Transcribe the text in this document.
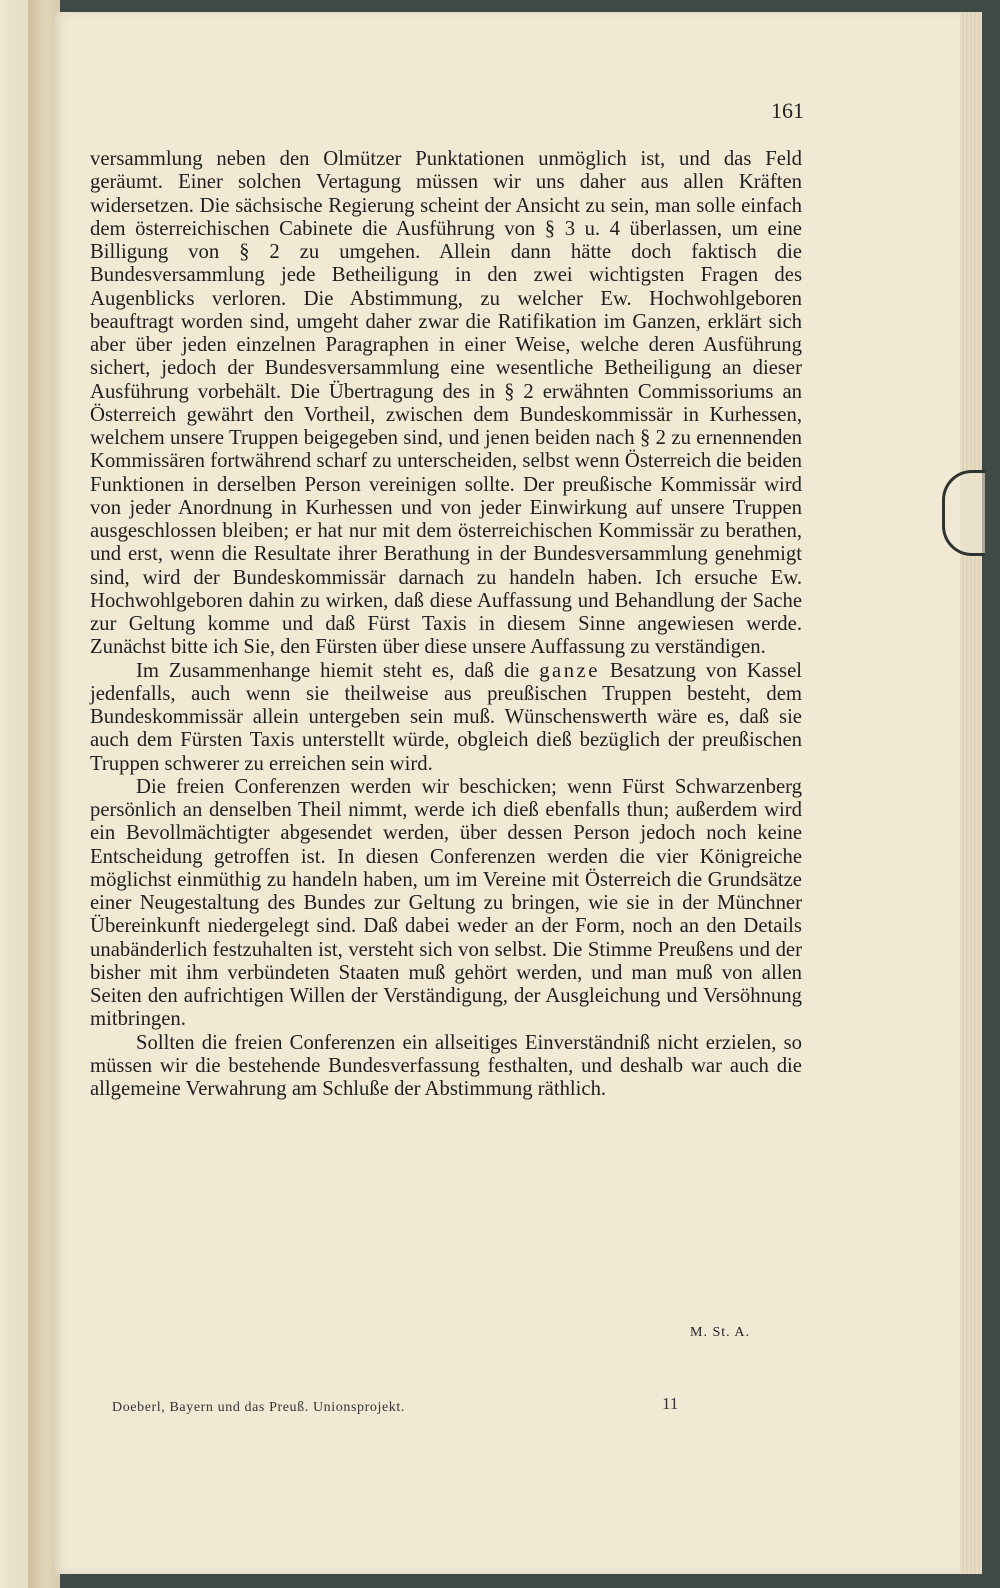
161

versammlung neben den Olmützer Punktationen unmöglich ist, und das Feld geräumt. Einer solchen Vertagung müssen wir uns daher aus allen Kräften widersetzen. Die sächsische Regierung scheint der Ansicht zu sein, man solle einfach dem österreichischen Cabinete die Ausführung von § 3 u. 4 überlassen, um eine Billigung von § 2 zu umgehen. Allein dann hätte doch faktisch die Bundesversammlung jede Betheiligung in den zwei wichtigsten Fragen des Augenblicks verloren. Die Abstimmung, zu welcher Ew. Hochwohlgeboren beauftragt worden sind, umgeht daher zwar die Ratifikation im Ganzen, erklärt sich aber über jeden einzelnen Paragraphen in einer Weise, welche deren Ausführung sichert, jedoch der Bundesversammlung eine wesentliche Betheiligung an dieser Ausführung vorbehält. Die Übertragung des in § 2 erwähnten Commissoriums an Österreich gewährt den Vortheil, zwischen dem Bundeskommissär in Kurhessen, welchem unsere Truppen beigegeben sind, und jenen beiden nach § 2 zu ernennenden Kommissären fortwährend scharf zu unterscheiden, selbst wenn Österreich die beiden Funktionen in derselben Person vereinigen sollte. Der preußische Kommissär wird von jeder Anordnung in Kurhessen und von jeder Einwirkung auf unsere Truppen ausgeschlossen bleiben; er hat nur mit dem österreichischen Kommissär zu berathen, und erst, wenn die Resultate ihrer Berathung in der Bundesversammlung genehmigt sind, wird der Bundeskommissär darnach zu handeln haben. Ich ersuche Ew. Hochwohlgeboren dahin zu wirken, daß diese Auffassung und Behandlung der Sache zur Geltung komme und daß Fürst Taxis in diesem Sinne angewiesen werde. Zunächst bitte ich Sie, den Fürsten über diese unsere Auffassung zu verständigen.

Im Zusammenhange hiemit steht es, daß die ganze Besatzung von Kassel jedenfalls, auch wenn sie theilweise aus preußischen Truppen besteht, dem Bundeskommissär allein untergeben sein muß. Wünschenswerth wäre es, daß sie auch dem Fürsten Taxis unterstellt würde, obgleich dieß bezüglich der preußischen Truppen schwerer zu erreichen sein wird.

Die freien Conferenzen werden wir beschicken; wenn Fürst Schwarzenberg persönlich an denselben Theil nimmt, werde ich dieß ebenfalls thun; außerdem wird ein Bevollmächtigter abgesendet werden, über dessen Person jedoch noch keine Entscheidung getroffen ist. In diesen Conferenzen werden die vier Königreiche möglichst einmüthig zu handeln haben, um im Vereine mit Österreich die Grundsätze einer Neugestaltung des Bundes zur Geltung zu bringen, wie sie in der Münchner Übereinkunft niedergelegt sind. Daß dabei weder an der Form, noch an den Details unabänderlich festzuhalten ist, versteht sich von selbst. Die Stimme Preußens und der bisher mit ihm verbündeten Staaten muß gehört werden, und man muß von allen Seiten den aufrichtigen Willen der Verständigung, der Ausgleichung und Versöhnung mitbringen.

Sollten die freien Conferenzen ein allseitiges Einverständniß nicht erzielen, so müssen wir die bestehende Bundesverfassung festhalten, und deshalb war auch die allgemeine Verwahrung am Schluße der Abstimmung räthlich.

M. St. A.
Doeberl, Bayern und das Preuß. Unionsprojekt.	11
